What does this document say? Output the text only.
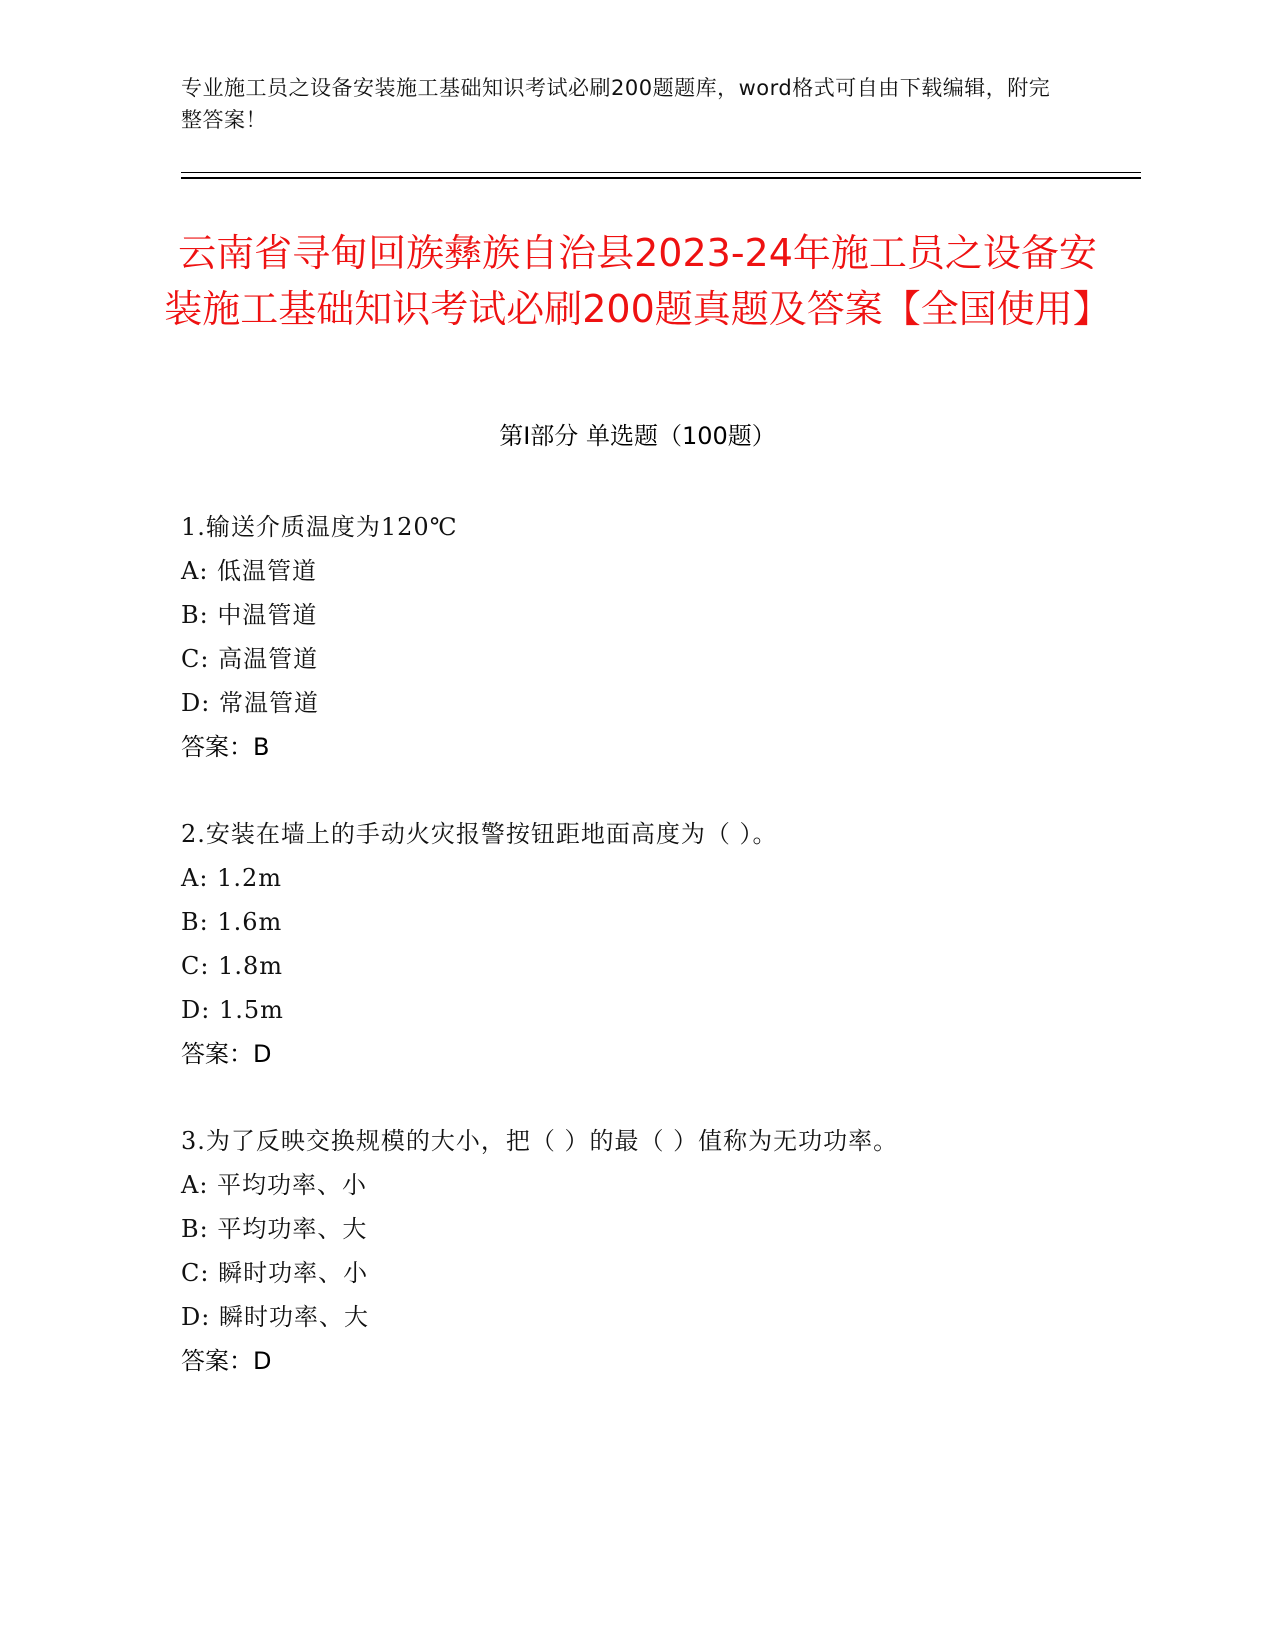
专业施工员之设备安装施工基础知识考试必刷200题题库，word格式可自由下载编辑，附完整答案！
云南省寻甸回族彝族自治县2023-24年施工员之设备安装施工基础知识考试必刷200题真题及答案【全国使用】
第Ⅰ部分 单选题（100题）
1.输送介质温度为120℃
A: 低温管道
B: 中温管道
C: 高温管道
D: 常温管道
答案：B
2.安装在墙上的手动火灾报警按钮距地面高度为（ ）。
A: 1.2m
B: 1.6m
C: 1.8m
D: 1.5m
答案：D
3.为了反映交换规模的大小，把（ ）的最（ ）值称为无功功率。
A: 平均功率、小
B: 平均功率、大
C: 瞬时功率、小
D: 瞬时功率、大
答案：D
